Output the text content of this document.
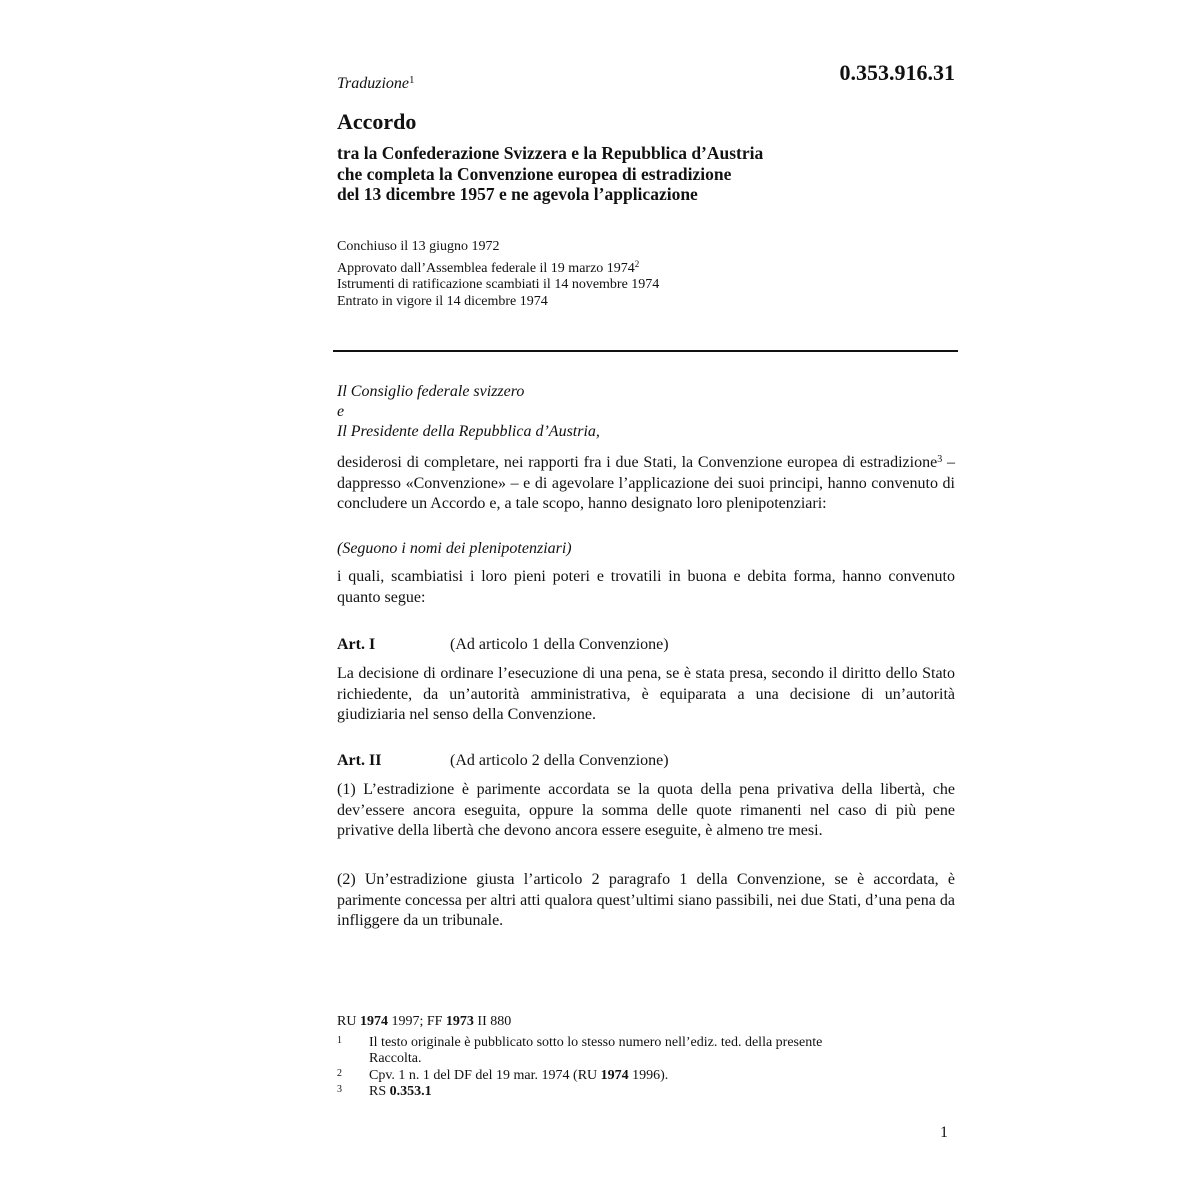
Traduzione$^1$	0.353.916.31
Accordo
tra la Confederazione Svizzera e la Repubblica d’Austria
che completa la Convenzione europea di estradizione
del 13 dicembre 1957 e ne agevola l’applicazione
Conchiuso il 13 giugno 1972
Approvato dall’Assemblea federale il 19 marzo 1974$^2$
Istrumenti di ratificazione scambiati il 14 novembre 1974
Entrato in vigore il 14 dicembre 1974
Il Consiglio federale svizzero
e
Il Presidente della Repubblica d’Austria,
desiderosi di completare, nei rapporti fra i due Stati, la Convenzione europea di estradizione$^3$ – dappresso «Convenzione» – e di agevolare l’applicazione dei suoi principi, hanno convenuto di concludere un Accordo e, a tale scopo, hanno designato loro plenipotenziari:
(Seguono i nomi dei plenipotenziari)
i quali, scambiatisi i loro pieni poteri e trovatili in buona e debita forma, hanno convenuto quanto segue:
Art. I	(Ad articolo 1 della Convenzione)
La decisione di ordinare l’esecuzione di una pena, se è stata presa, secondo il diritto dello Stato richiedente, da un’autorità amministrativa, è equiparata a una decisione di un’autorità giudiziaria nel senso della Convenzione.
Art. II	(Ad articolo 2 della Convenzione)
(1) L’estradizione è parimente accordata se la quota della pena privativa della libertà, che dev’essere ancora eseguita, oppure la somma delle quote rimanenti nel caso di più pene privative della libertà che devono ancora essere eseguite, è almeno tre mesi.
(2) Un’estradizione giusta l’articolo 2 paragrafo 1 della Convenzione, se è accordata, è parimente concessa per altri atti qualora quest’ultimi siano passibili, nei due Stati, d’una pena da infliggere da un tribunale.
RU 1974 1997; FF 1973 II 880
1 Il testo originale è pubblicato sotto lo stesso numero nell’ediz. ted. della presente
Raccolta.
2 Cpv. 1 n. 1 del DF del 19 mar. 1974 (RU 1974 1996).
3 RS 0.353.1
1
